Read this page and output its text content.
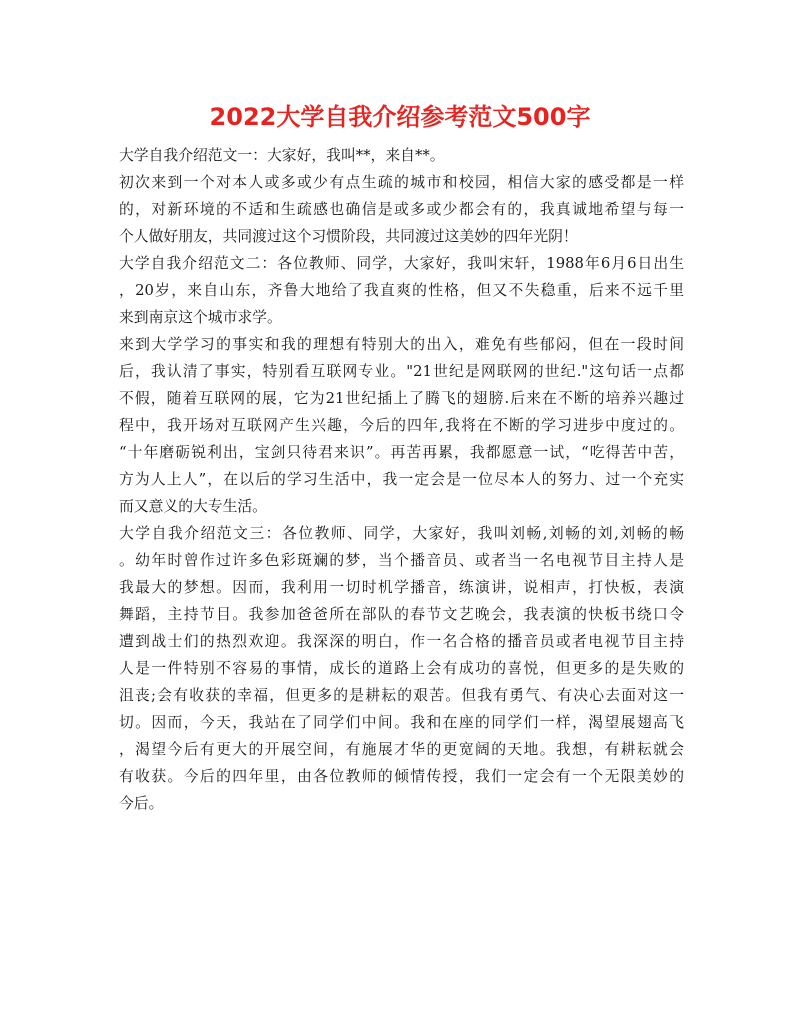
2022大学自我介绍参考范文500字
大学自我介绍范文一：大家好，我叫**，来自**。
初次来到一个对本人或多或少有点生疏的城市和校园，相信大家的感受都是一样
的，对新环境的不适和生疏感也确信是或多或少都会有的，我真诚地希望与每一
个人做好朋友，共同渡过这个习惯阶段，共同渡过这美妙的四年光阴！
大学自我介绍范文二：各位教师、同学，大家好，我叫宋轩，1988年6月6日出生
，20岁，来自山东，齐鲁大地给了我直爽的性格，但又不失稳重，后来不远千里
来到南京这个城市求学。
来到大学学习的事实和我的理想有特别大的出入，难免有些郁闷，但在一段时间
后，我认清了事实，特别看互联网专业。"21世纪是网联网的世纪."这句话一点都
不假，随着互联网的展，它为21世纪插上了腾飞的翅膀.后来在不断的培养兴趣过
程中，我开场对互联网产生兴趣，今后的四年,我将在不断的学习进步中度过的。
“十年磨砺锐利出，宝剑只待君来识”。再苦再累，我都愿意一试，“吃得苦中苦，
方为人上人”，在以后的学习生活中，我一定会是一位尽本人的努力、过一个充实
而又意义的大专生活。
大学自我介绍范文三：各位教师、同学，大家好，我叫刘畅,刘畅的刘,刘畅的畅
。幼年时曾作过许多色彩斑斓的梦，当个播音员、或者当一名电视节目主持人是
我最大的梦想。因而，我利用一切时机学播音，练演讲，说相声，打快板，表演
舞蹈，主持节目。我参加爸爸所在部队的春节文艺晚会，我表演的快板书绕口令
遭到战士们的热烈欢迎。我深深的明白，作一名合格的播音员或者电视节目主持
人是一件特别不容易的事情，成长的道路上会有成功的喜悦，但更多的是失败的
沮丧;会有收获的幸福，但更多的是耕耘的艰苦。但我有勇气、有决心去面对这一
切。因而，今天，我站在了同学们中间。我和在座的同学们一样，渴望展翅高飞
，渴望今后有更大的开展空间，有施展才华的更宽阔的天地。我想，有耕耘就会
有收获。今后的四年里，由各位教师的倾情传授，我们一定会有一个无限美妙的
今后。
